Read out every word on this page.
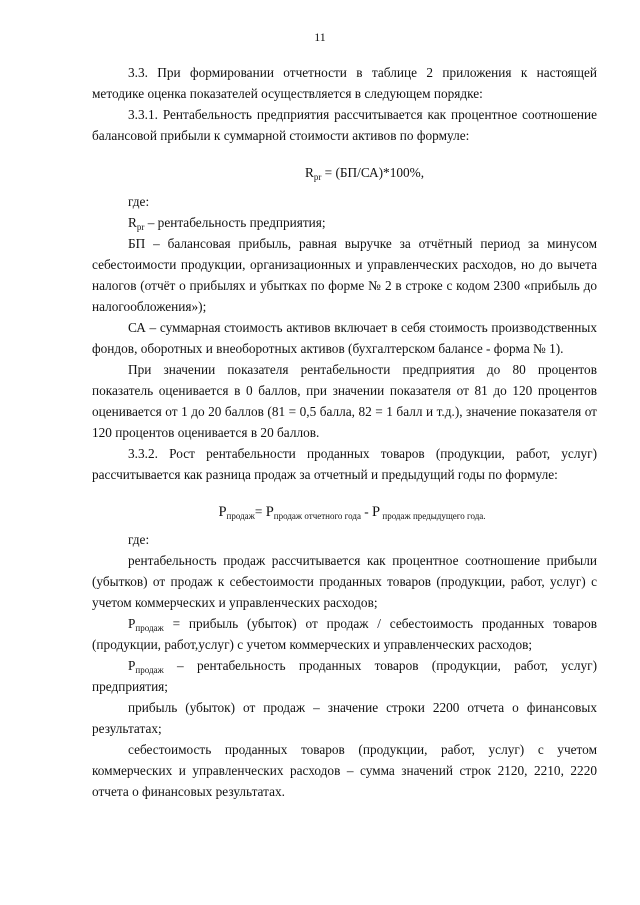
11

3.3. При формировании отчетности в таблице 2 приложения к настоящей методике оценка показателей осуществляется в следующем порядке:

3.3.1. Рентабельность предприятия рассчитывается как процентное соотношение балансовой прибыли к суммарной стоимости активов по формуле:

$R_{pr} = (БП/СА)*100\%$,

где:

$R_{pr}$ – рентабельность предприятия;

БП – балансовая прибыль, равная выручке за отчётный период за минусом себестоимости продукции, организационных и управленческих расходов, но до вычета налогов (отчёт о прибылях и убытках по форме № 2 в строке с кодом 2300 «прибыль до налогообложения»);

СА – суммарная стоимость активов включает в себя стоимость производственных фондов, оборотных и внеоборотных активов (бухгалтерском балансе - форма № 1).

При значении показателя рентабельности предприятия до 80 процентов показатель оценивается в 0 баллов, при значении показателя от 81 до 120 процентов оценивается от 1 до 20 баллов (81 = 0,5 балла, 82 = 1 балл и т.д.), значение показателя от 120 процентов оценивается в 20 баллов.

3.3.2. Рост рентабельности проданных товаров (продукции, работ, услуг) рассчитывается как разница продаж за отчетный и предыдущий годы по формуле:

$Р_{продаж}= Р_{продаж отчетного года} - Р$ $_{продаж предыдущего года.}$

где:

рентабельность продаж рассчитывается как процентное соотношение прибыли (убытков) от продаж к себестоимости проданных товаров (продукции, работ, услуг) с учетом коммерческих и управленческих расходов;

$Р_{продаж}$ = прибыль (убыток) от продаж / себестоимость проданных товаров (продукции, работ,услуг) с учетом коммерческих и управленческих расходов;

$Р_{продаж}$ – рентабельность проданных товаров (продукции, работ, услуг) предприятия;

прибыль (убыток) от продаж – значение строки 2200 отчета о финансовых результатах;

себестоимость проданных товаров (продукции, работ, услуг) с учетом коммерческих и управленческих расходов – сумма значений строк 2120, 2210, 2220 отчета о финансовых результатах.
